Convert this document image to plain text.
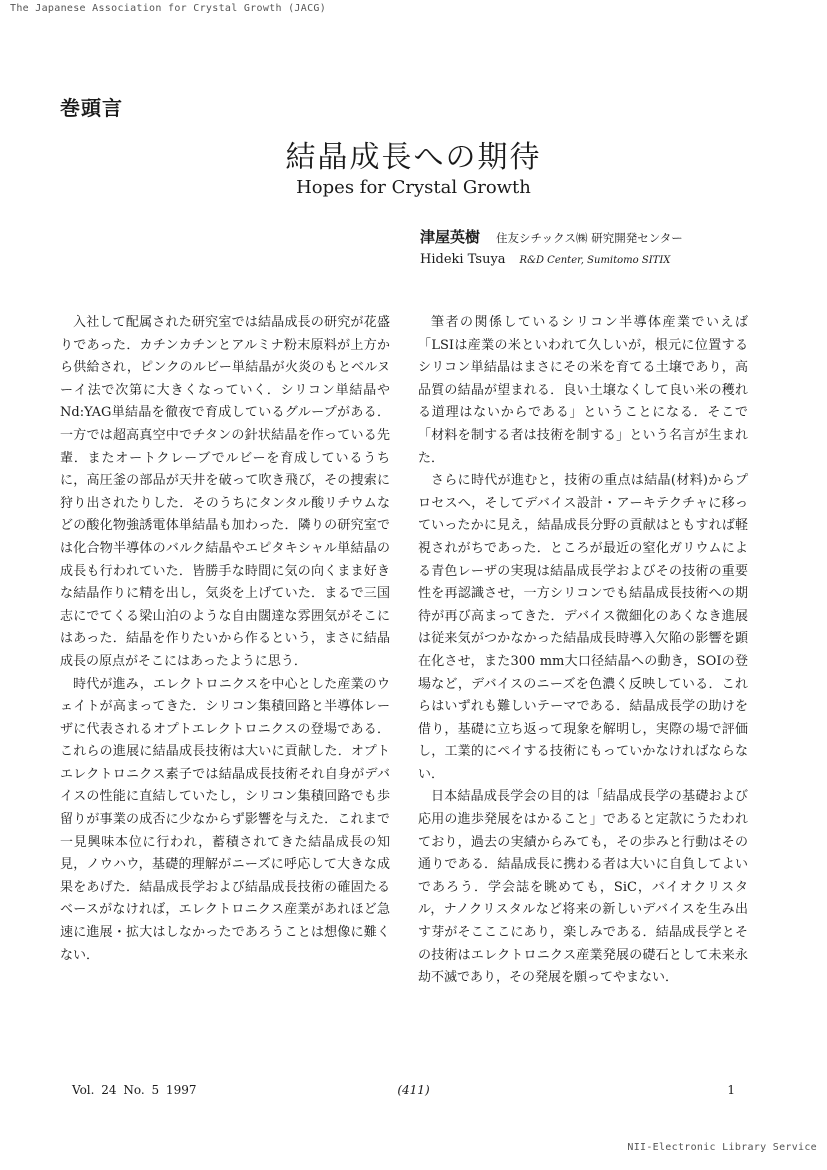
The Japanese Association for Crystal Growth (JACG)
巻頭言
結晶成長への期待
Hopes for Crystal Growth
津屋英樹 住友シチックス㈱ 研究開発センター
Hideki Tsuya R&D Center, Sumitomo SITIX

入社して配属された研究室では結晶成長の研究が花盛りであった．カチンカチンとアルミナ粉末原料が上方から供給され，ピンクのルビー単結晶が火炎のもとベルヌーイ法で次第に大きくなっていく．シリコン単結晶やNd:YAG単結晶を徹夜で育成しているグループがある．一方では超高真空中でチタンの針状結晶を作っている先輩．またオートクレーブでルビーを育成しているうちに，高圧釜の部品が天井を破って吹き飛び，その捜索に狩り出されたりした．そのうちにタンタル酸リチウムなどの酸化物強誘電体単結晶も加わった．隣りの研究室では化合物半導体のバルク結晶やエピタキシャル単結晶の成長も行われていた．皆勝手な時間に気の向くまま好きな結晶作りに精を出し，気炎を上げていた．まるで三国志にでてくる梁山泊のような自由闊達な雰囲気がそこにはあった．結晶を作りたいから作るという，まさに結晶成長の原点がそこにはあったように思う．

時代が進み，エレクトロニクスを中心とした産業のウェイトが高まってきた．シリコン集積回路と半導体レーザに代表されるオプトエレクトロニクスの登場である．これらの進展に結晶成長技術は大いに貢献した．オプトエレクトロニクス素子では結晶成長技術それ自身がデバイスの性能に直結していたし，シリコン集積回路でも歩留りが事業の成否に少なからず影響を与えた．これまで一見興味本位に行われ，蓄積されてきた結晶成長の知見，ノウハウ，基礎的理解がニーズに呼応して大きな成果をあげた．結晶成長学および結晶成長技術の確固たるベースがなければ，エレクトロニクス産業があれほど急速に進展・拡大はしなかったであろうことは想像に難くない．

筆者の関係しているシリコン半導体産業でいえば「LSIは産業の米といわれて久しいが，根元に位置するシリコン単結晶はまさにその米を育てる土壌であり，高品質の結晶が望まれる．良い土壌なくして良い米の穫れる道理はないからである」ということになる．そこで「材料を制する者は技術を制する」という名言が生まれた．

さらに時代が進むと，技術の重点は結晶(材料)からプロセスへ，そしてデバイス設計・アーキテクチャに移っていったかに見え，結晶成長分野の貢献はともすれば軽視されがちであった．ところが最近の窒化ガリウムによる青色レーザの実現は結晶成長学およびその技術の重要性を再認識させ，一方シリコンでも結晶成長技術への期待が再び高まってきた．デバイス微細化のあくなき進展は従来気がつかなかった結晶成長時導入欠陥の影響を顕在化させ，また300 mm大口径結晶への動き，SOIの登場など，デバイスのニーズを色濃く反映している．これらはいずれも難しいテーマである．結晶成長学の助けを借り，基礎に立ち返って現象を解明し，実際の場で評価し，工業的にペイする技術にもっていかなければならない．

日本結晶成長学会の目的は「結晶成長学の基礎および応用の進歩発展をはかること」であると定款にうたわれており，過去の実績からみても，その歩みと行動はその通りである．結晶成長に携わる者は大いに自負してよいであろう．学会誌を眺めても，SiC，バイオクリスタル，ナノクリスタルなど将来の新しいデバイスを生み出す芽がそこここにあり，楽しみである．結晶成長学とその技術はエレクトロニクス産業発展の礎石として未来永劫不滅であり，その発展を願ってやまない．

Vol. 24 No. 5 1997	(411)	1
NII-Electronic Library Service
